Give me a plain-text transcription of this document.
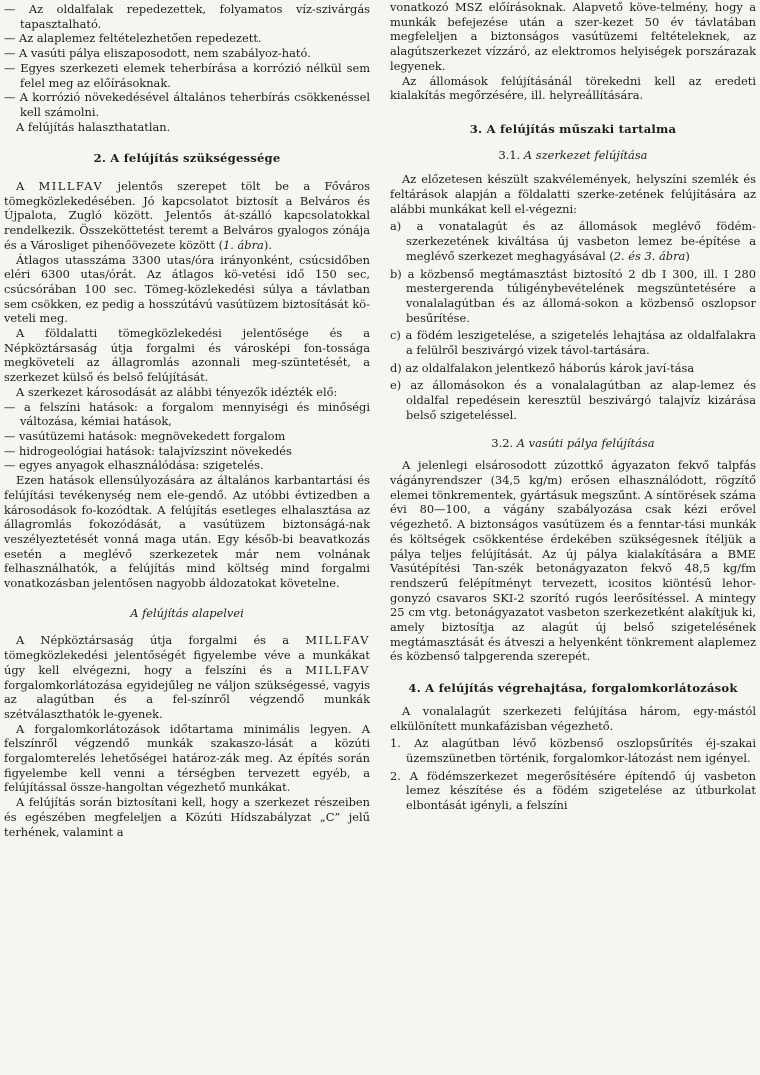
— Az oldalfalak repedezettek, folyamatos víz-szivárgás tapasztalható.

— Az alaplemez feltételezhetően repedezett.

— A vasúti pálya eliszaposodott, nem szabályoz-ható.

— Egyes szerkezeti elemek teherbírása a korrózió nélkül sem felel meg az előírásoknak.

— A korrózió növekedésével általános teherbírás csökkenéssel kell számolni.

A felújítás halaszthatatlan.

2. A felújítás szükségessége

A MILLFAV jelentős szerepet tölt be a Főváros tömegközlekedésében. Jó kapcsolatot biztosít a Belváros és Újpalota, Zugló között. Jelentős át-szálló kapcsolatokkal rendelkezik. Összeköttetést teremt a Belváros gyalogos zónája és a Városliget pihenőövezete között (1. ábra).

Átlagos utasszáma 3300 utas/óra irányonként, csúcsidőben eléri 6300 utas/órát. Az átlagos kö-vetési idő 150 sec, csúcsórában 100 sec. Tömeg-közlekedési súlya a távlatban sem csökken, ez pedig a hosszútávú vasútüzem biztosítását kö-veteli meg.

A földalatti tömegközlekedési jelentősége és a Népköztársaság útja forgalmi és városképi fon-tossága megköveteli az állagromlás azonnali meg-szüntetését, a szerkezet külső és belső felújítását.

A szerkezet károsodását az alábbi tényezők idézték elő:

— a felszíni hatások: a forgalom mennyiségi és minőségi változása, kémiai hatások,

— vasútüzemi hatások: megnövekedett forgalom

— hidrogeológiai hatások: talajvízszint növekedés

— egyes anyagok elhasználódása: szigetelés.

Ezen hatások ellensúlyozására az általános karbantartási és felújítási tevékenység nem ele-gendő. Az utóbbi évtizedben a károsodások fo-kozódtak. A felújítás esetleges elhalasztása az állagromlás fokozódását, a vasútüzem biztonságá-nak veszélyeztetését vonná maga után. Egy későb-bi beavatkozás esetén a meglévő szerkezetek már nem volnának felhasználhatók, a felújítás mind költség mind forgalmi vonatkozásban jelentősen nagyobb áldozatokat követelne.

A felújítás alapelvei

A Népköztársaság útja forgalmi és a MILLFAV tömegközlekedési jelentőségét figyelembe véve a munkákat úgy kell elvégezni, hogy a felszíni és a MILLFAV forgalomkorlátozása egyidejűleg ne váljon szükségessé, vagyis az alagútban és a fel-színről végzendő munkák szétválaszthatók le-gyenek.

A forgalomkorlátozások időtartama minimális legyen. A felszínről végzendő munkák szakaszo-lását a közúti forgalomterelés lehetőségei határoz-zák meg. Az építés során figyelembe kell venni a térségben tervezett egyéb, a felújítással össze-hangoltan végezhető munkákat.

A felújítás során biztosítani kell, hogy a szerkezet részeiben és egészében megfeleljen a Közúti Hídszabályzat „C” jelű terhének, valamint a

vonatkozó MSZ előírásoknak. Alapvető köve-telmény, hogy a munkák befejezése után a szer-kezet 50 év távlatában megfeleljen a biztonságos vasútüzemi feltételeknek, az alagútszerkezet vízzáró, az elektromos helyiségek porszárazak legyenek.

Az állomások felújításánál törekedni kell az eredeti kialakítás megőrzésére, ill. helyreállítására.

3. A felújítás műszaki tartalma
3.1. A szerkezet felújítása

Az előzetesen készült szakvélemények, helyszíni szemlék és feltárások alapján a földalatti szerke-zetének felújítására az alábbi munkákat kell el-végezni:

a) a vonatalagút és az állomások meglévő födém-szerkezetének kiváltása új vasbeton lemez be-építése a meglévő szerkezet meghagyásával (2. és 3. ábra)

b) a közbenső megtámasztást biztosító 2 db I 300, ill. I 280 mestergerenda túligénybevételének megszüntetésére a vonalalagútban és az állomá-sokon a közbenső oszlopsor besűrítése.

c) a födém leszigetelése, a szigetelés lehajtása az oldalfalakra a felülről beszivárgó vizek távol-tartására.

d) az oldalfalakon jelentkező háborús károk javí-tása

e) az állomásokon és a vonalalagútban az alap-lemez és oldalfal repedésein keresztül beszivárgó talajvíz kizárása belső szigeteléssel.

3.2. A vasúti pálya felújítása

A jelenlegi elsárosodott zúzottkő ágyazaton fekvő talpfás vágányrendszer (34,5 kg/m) erősen elhasználódott, rögzítő elemei tönkrementek, gyártásuk megszűnt. A síntörések száma évi 80—100, a vágány szabályozása csak kézi erővel végezhető. A biztonságos vasútüzem és a fenntar-tási munkák és költségek csökkentése érdekében szükségesnek ítéljük a pálya teljes felújítását. Az új pálya kialakítására a BME Vasútépítési Tan-szék betonágyazaton fekvő 48,5 kg/fm rendszerű felépítményt tervezett, icositos kiöntésű lehor-gonyzó csavaros SKI-2 szorító rugós leerősítéssel. A mintegy 25 cm vtg. betonágyazatot vasbeton szerkezetként alakítjuk ki, amely biztosítja az alagút új belső szigetelésének megtámasztását és átveszi a helyenként tönkrement alaplemez és közbenső talpgerenda szerepét.

4. A felújítás végrehajtása, forgalomkorlátozások

A vonalalagút szerkezeti felújítása három, egy-mástól elkülönített munkafázisban végezhető.

1. Az alagútban lévő közbenső oszlopsűrítés éj-szakai üzemszünetben történik, forgalomkor-látozást nem igényel.

2. A födémszerkezet megerősítésére építendő új vasbeton lemez készítése és a födém szigetelése az útburkolat elbontását igényli, a felszíni
